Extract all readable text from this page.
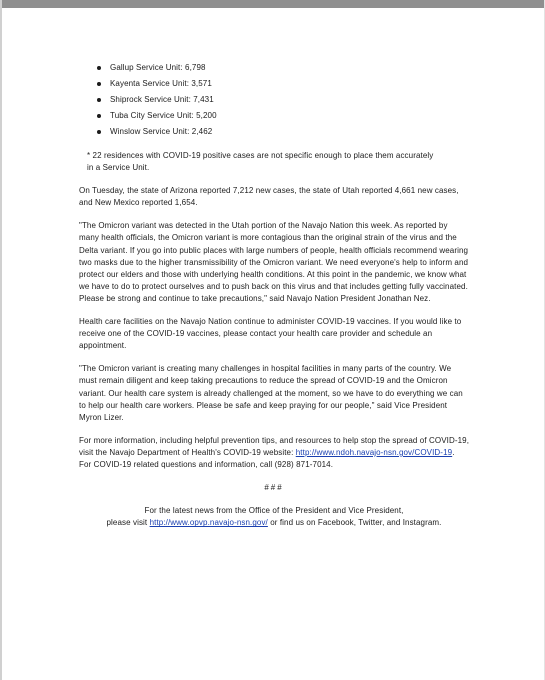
Gallup Service Unit: 6,798
Kayenta Service Unit: 3,571
Shiprock Service Unit: 7,431
Tuba City Service Unit: 5,200
Winslow Service Unit: 2,462
* 22 residences with COVID-19 positive cases are not specific enough to place them accurately in a Service Unit.

On Tuesday, the state of Arizona reported 7,212 new cases, the state of Utah reported 4,661 new cases, and New Mexico reported 1,654.

"The Omicron variant was detected in the Utah portion of the Navajo Nation this week. As reported by many health officials, the Omicron variant is more contagious than the original strain of the virus and the Delta variant. If you go into public places with large numbers of people, health officials recommend wearing two masks due to the higher transmissibility of the Omicron variant. We need everyone's help to inform and protect our elders and those with underlying health conditions. At this point in the pandemic, we know what we have to do to protect ourselves and to push back on this virus and that includes getting fully vaccinated. Please be strong and continue to take precautions," said Navajo Nation President Jonathan Nez.

Health care facilities on the Navajo Nation continue to administer COVID-19 vaccines. If you would like to receive one of the COVID-19 vaccines, please contact your health care provider and schedule an appointment.

"The Omicron variant is creating many challenges in hospital facilities in many parts of the country. We must remain diligent and keep taking precautions to reduce the spread of COVID-19 and the Omicron variant. Our health care system is already challenged at the moment, so we have to do everything we can to help our health care workers. Please be safe and keep praying for our people," said Vice President Myron Lizer.

For more information, including helpful prevention tips, and resources to help stop the spread of COVID-19, visit the Navajo Department of Health's COVID-19 website: http://www.ndoh.navajo-nsn.gov/COVID-19. For COVID-19 related questions and information, call (928) 871-7014.

###
For the latest news from the Office of the President and Vice President,
please visit http://www.opvp.navajo-nsn.gov/ or find us on Facebook, Twitter, and Instagram.
